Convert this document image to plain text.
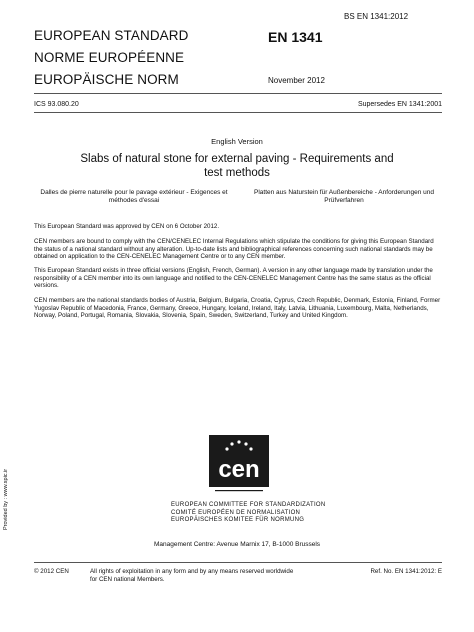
BS EN 1341:2012
EUROPEAN STANDARD
NORME EUROPÉENNE
EUROPÄISCHE NORM
EN 1341
November 2012
ICS 93.080.20	Supersedes EN 1341:2001
English Version
Slabs of natural stone for external paving - Requirements and test methods
Dalles de pierre naturelle pour le pavage extérieur - Exigences et méthodes d'essai
Platten aus Naturstein für Außenbereiche - Anforderungen und Prüfverfahren
This European Standard was approved by CEN on 6 October 2012.
CEN members are bound to comply with the CEN/CENELEC Internal Regulations which stipulate the conditions for giving this European Standard the status of a national standard without any alteration. Up-to-date lists and bibliographical references concerning such national standards may be obtained on application to the CEN-CENELEC Management Centre or to any CEN member.
This European Standard exists in three official versions (English, French, German). A version in any other language made by translation under the responsibility of a CEN member into its own language and notified to the CEN-CENELEC Management Centre has the same status as the official versions.
CEN members are the national standards bodies of Austria, Belgium, Bulgaria, Croatia, Cyprus, Czech Republic, Denmark, Estonia, Finland, Former Yugoslav Republic of Macedonia, France, Germany, Greece, Hungary, Iceland, Ireland, Italy, Latvia, Lithuania, Luxembourg, Malta, Netherlands, Norway, Poland, Portugal, Romania, Slovakia, Slovenia, Spain, Sweden, Switzerland, Turkey and United Kingdom.
cen
EUROPEAN COMMITTEE FOR STANDARDIZATION
COMITÉ EUROPÉEN DE NORMALISATION
EUROPÄISCHES KOMITEE FÜR NORMUNG
Management Centre: Avenue Marnix 17, B-1000 Brussels
© 2012 CEN	All rights of exploitation in any form and by any means reserved worldwide for CEN national Members.
Ref. No. EN 1341:2012: E
Provided by : www.spic.ir
